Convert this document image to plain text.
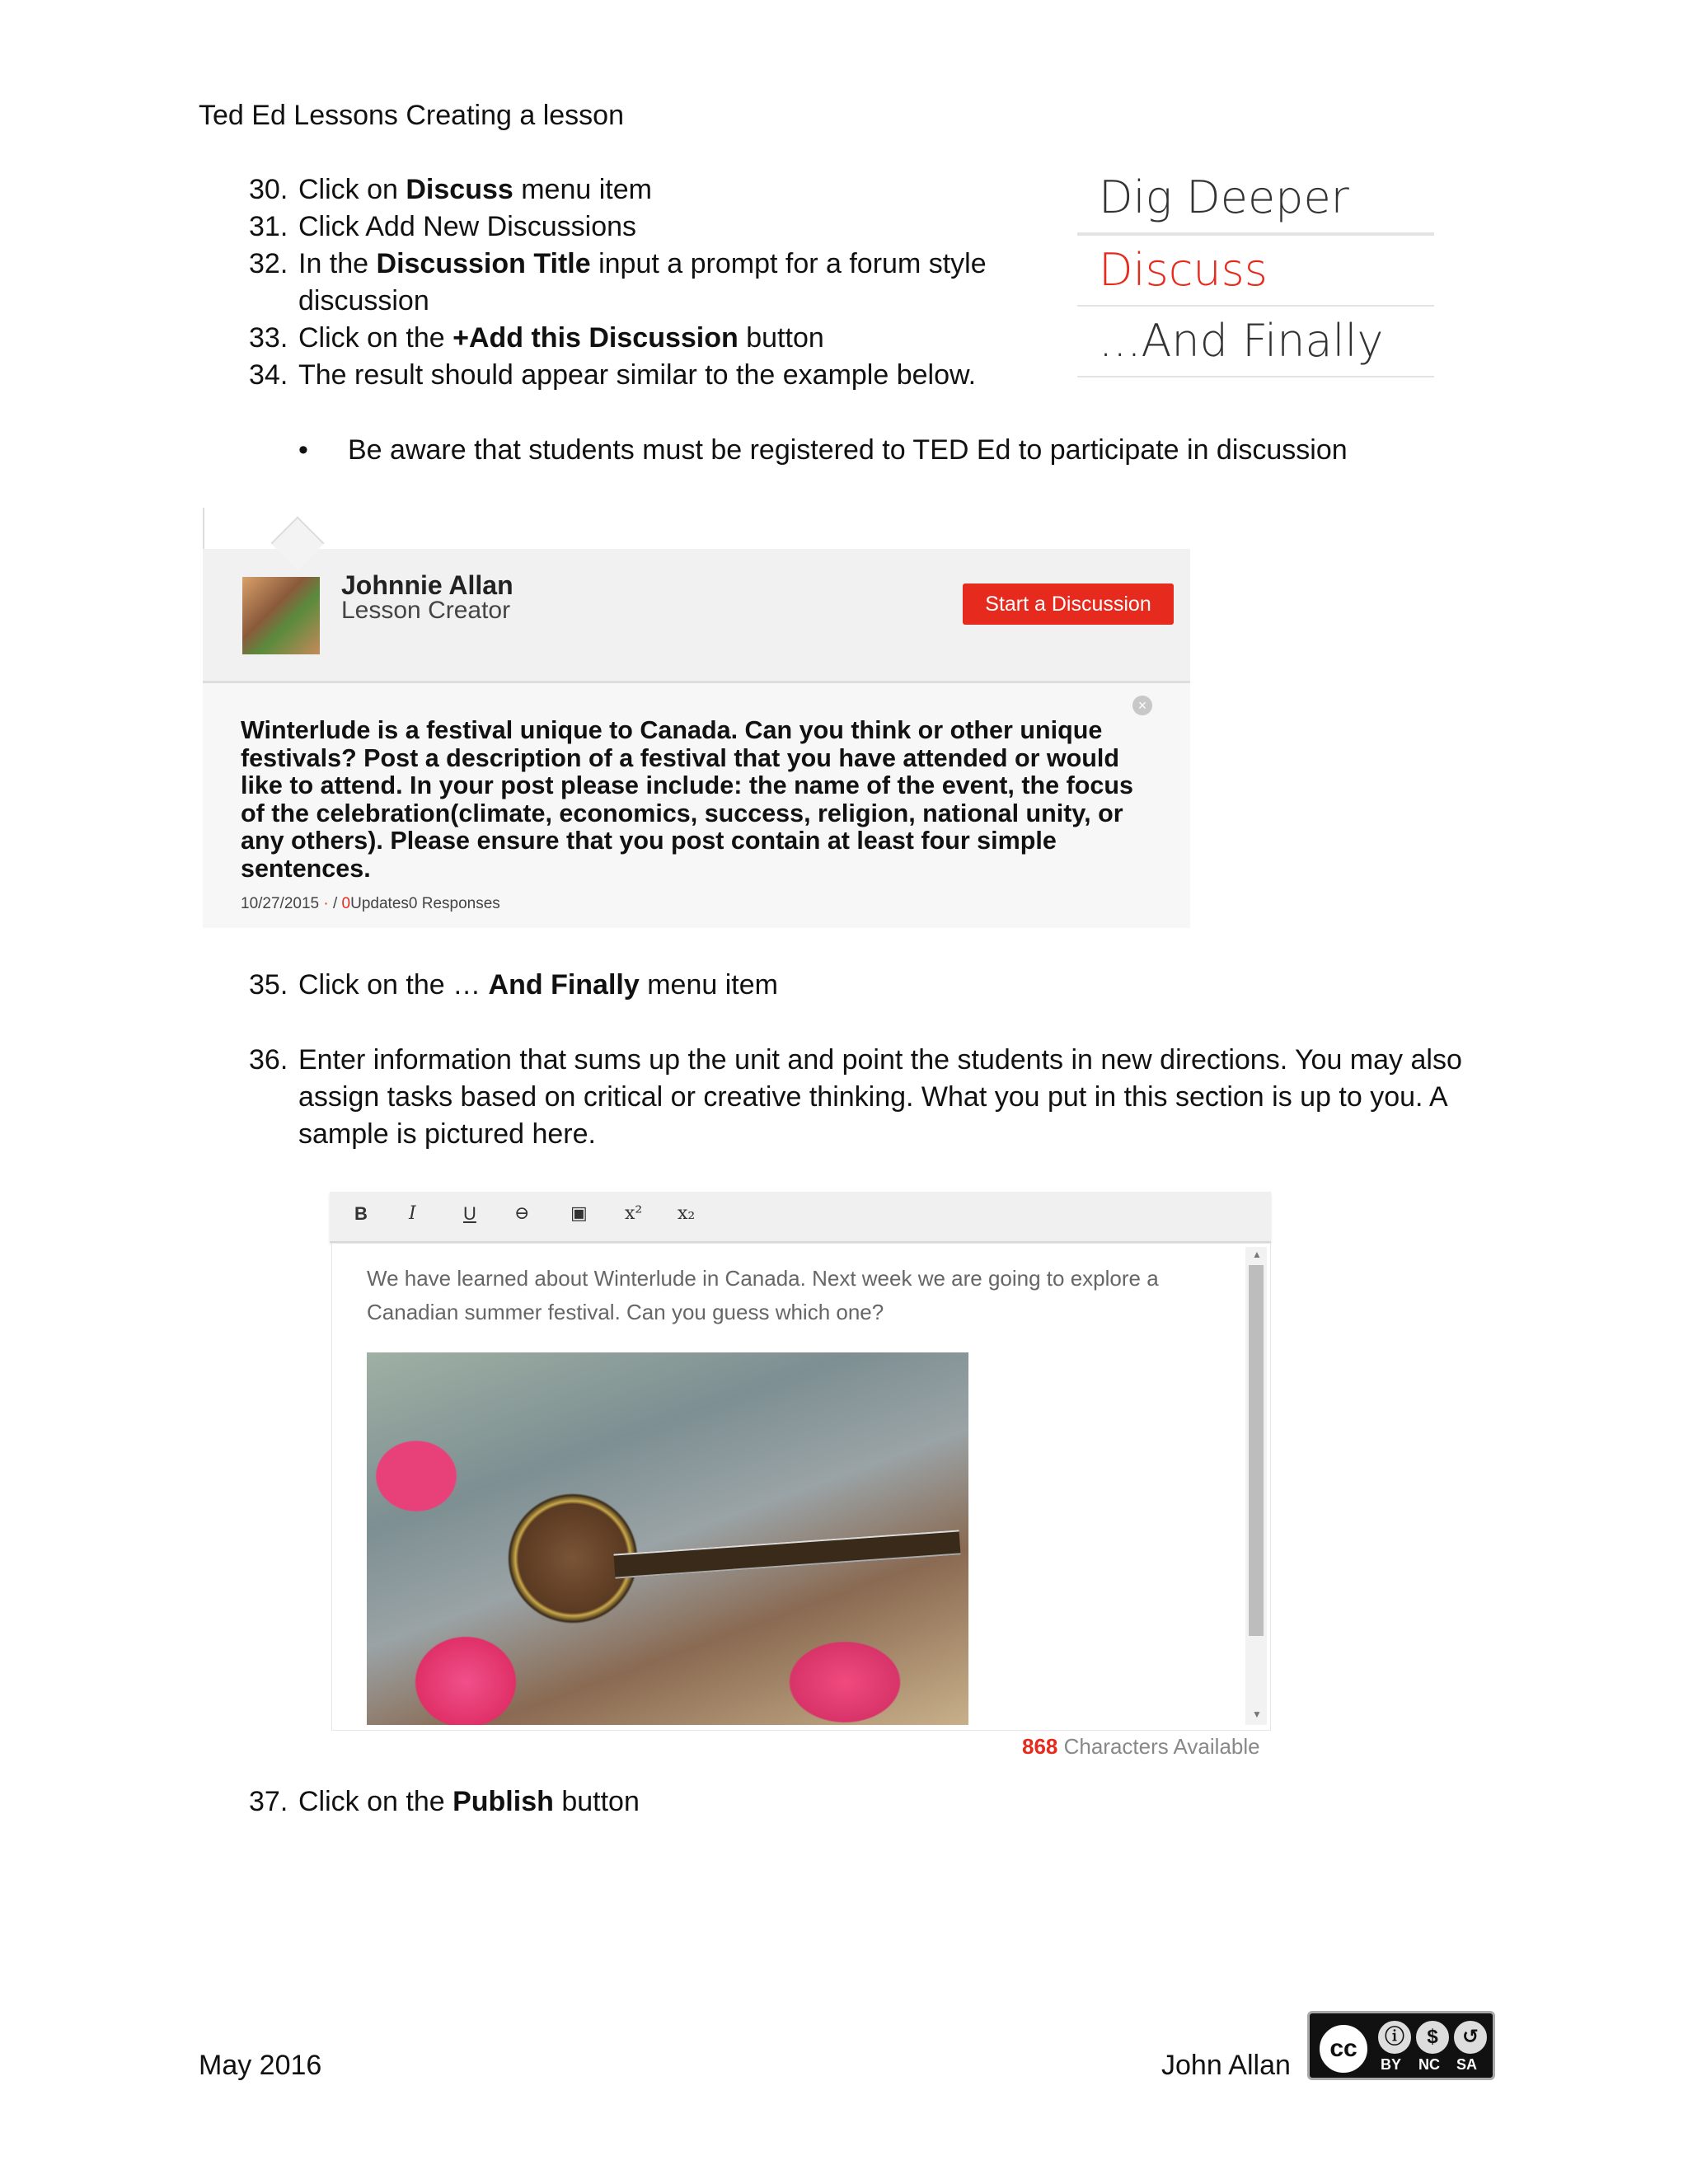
Ted Ed Lessons Creating a lesson
30. Click on Discuss menu item
31. Click Add New Discussions
32. In the Discussion Title input a prompt for a forum style
discussion
33. Click on the +Add this Discussion button
34. The result should appear similar to the example below.
Dig Deeper
Discuss
...And Finally
• Be aware that students must be registered to TED Ed to participate in discussion
Johnnie Allan
Lesson Creator	Start a Discussion
×
Winterlude is a festival unique to Canada. Can you think or other unique festivals? Post a description of a festival that you have attended or would like to attend. In your post please include: the name of the event, the focus of the celebration(climate, economics, success, religion, national unity, or any others). Please ensure that you post contain at least four simple sentences.
10/27/2015 · / 0Updates0 Responses
35. Click on the … And Finally menu item
36. Enter information that sums up the unit and point the students in new directions. You may also
assign tasks based on critical or creative thinking. What you put in this section is up to you. A
sample is pictured here.
B I	U ⊖ ▣ x² x₂
We have learned about Winterlude in Canada. Next week we are going to explore a Canadian summer festival. Can you guess which one?
▲
▼
868 Characters Available
37. Click on the Publish button
May 2016	John Allan
cc	ⓘ	$	↺
BY NC SA
